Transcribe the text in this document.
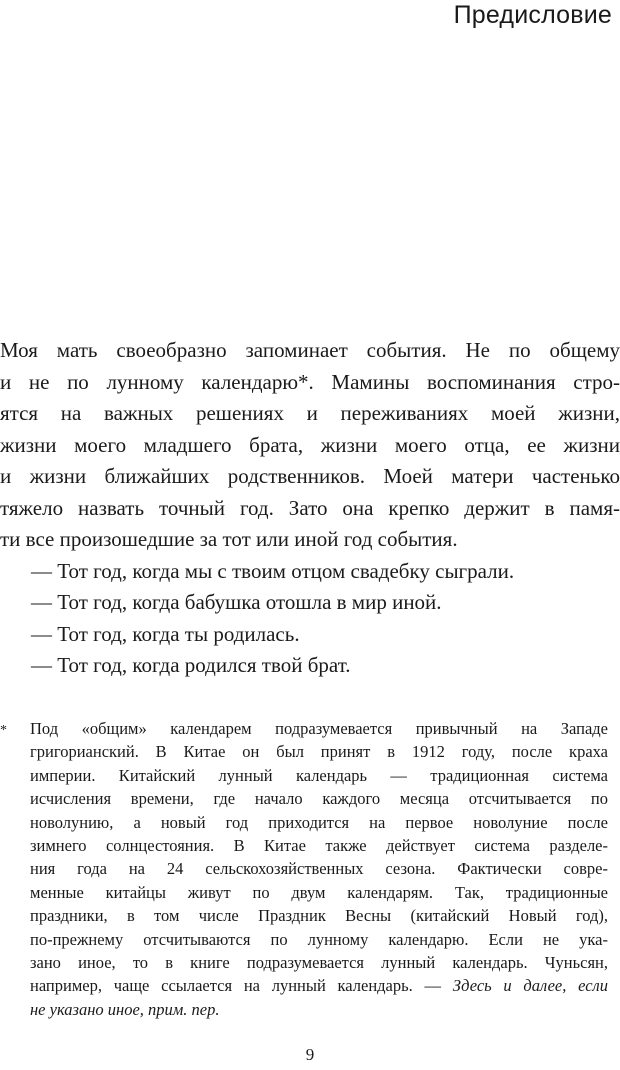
Предисловие
Моя мать своеобразно запоминает события. Не по общему
и не по лунному календарю*. Мамины воспоминания стро-
ятся на важных решениях и переживаниях моей жизни,
жизни моего младшего брата, жизни моего отца, ее жизни
и жизни ближайших родственников. Моей матери частенько
тяжело назвать точный год. Зато она крепко держит в памя-
ти все произошедшие за тот или иной год события.
— Тот год, когда мы с твоим отцом свадебку сыграли.
— Тот год, когда бабушка отошла в мир иной.
— Тот год, когда ты родилась.
— Тот год, когда родился твой брат.
* Под «общим» календарем подразумевается привычный на Западе
григорианский. В Китае он был принят в 1912 году, после краха
империи. Китайский лунный календарь — традиционная система
исчисления времени, где начало каждого месяца отсчитывается по
новолунию, а новый год приходится на первое новолуние после
зимнего солнцестояния. В Китае также действует система разделе-
ния года на 24 сельскохозяйственных сезона. Фактически совре-
менные китайцы живут по двум календарям. Так, традиционные
праздники, в том числе Праздник Весны (китайский Новый год),
по-прежнему отсчитываются по лунному календарю. Если не ука-
зано иное, то в книге подразумевается лунный календарь. Чуньсян,
например, чаще ссылается на лунный календарь. — Здесь и далее, если
не указано иное, прим. пер.
9
